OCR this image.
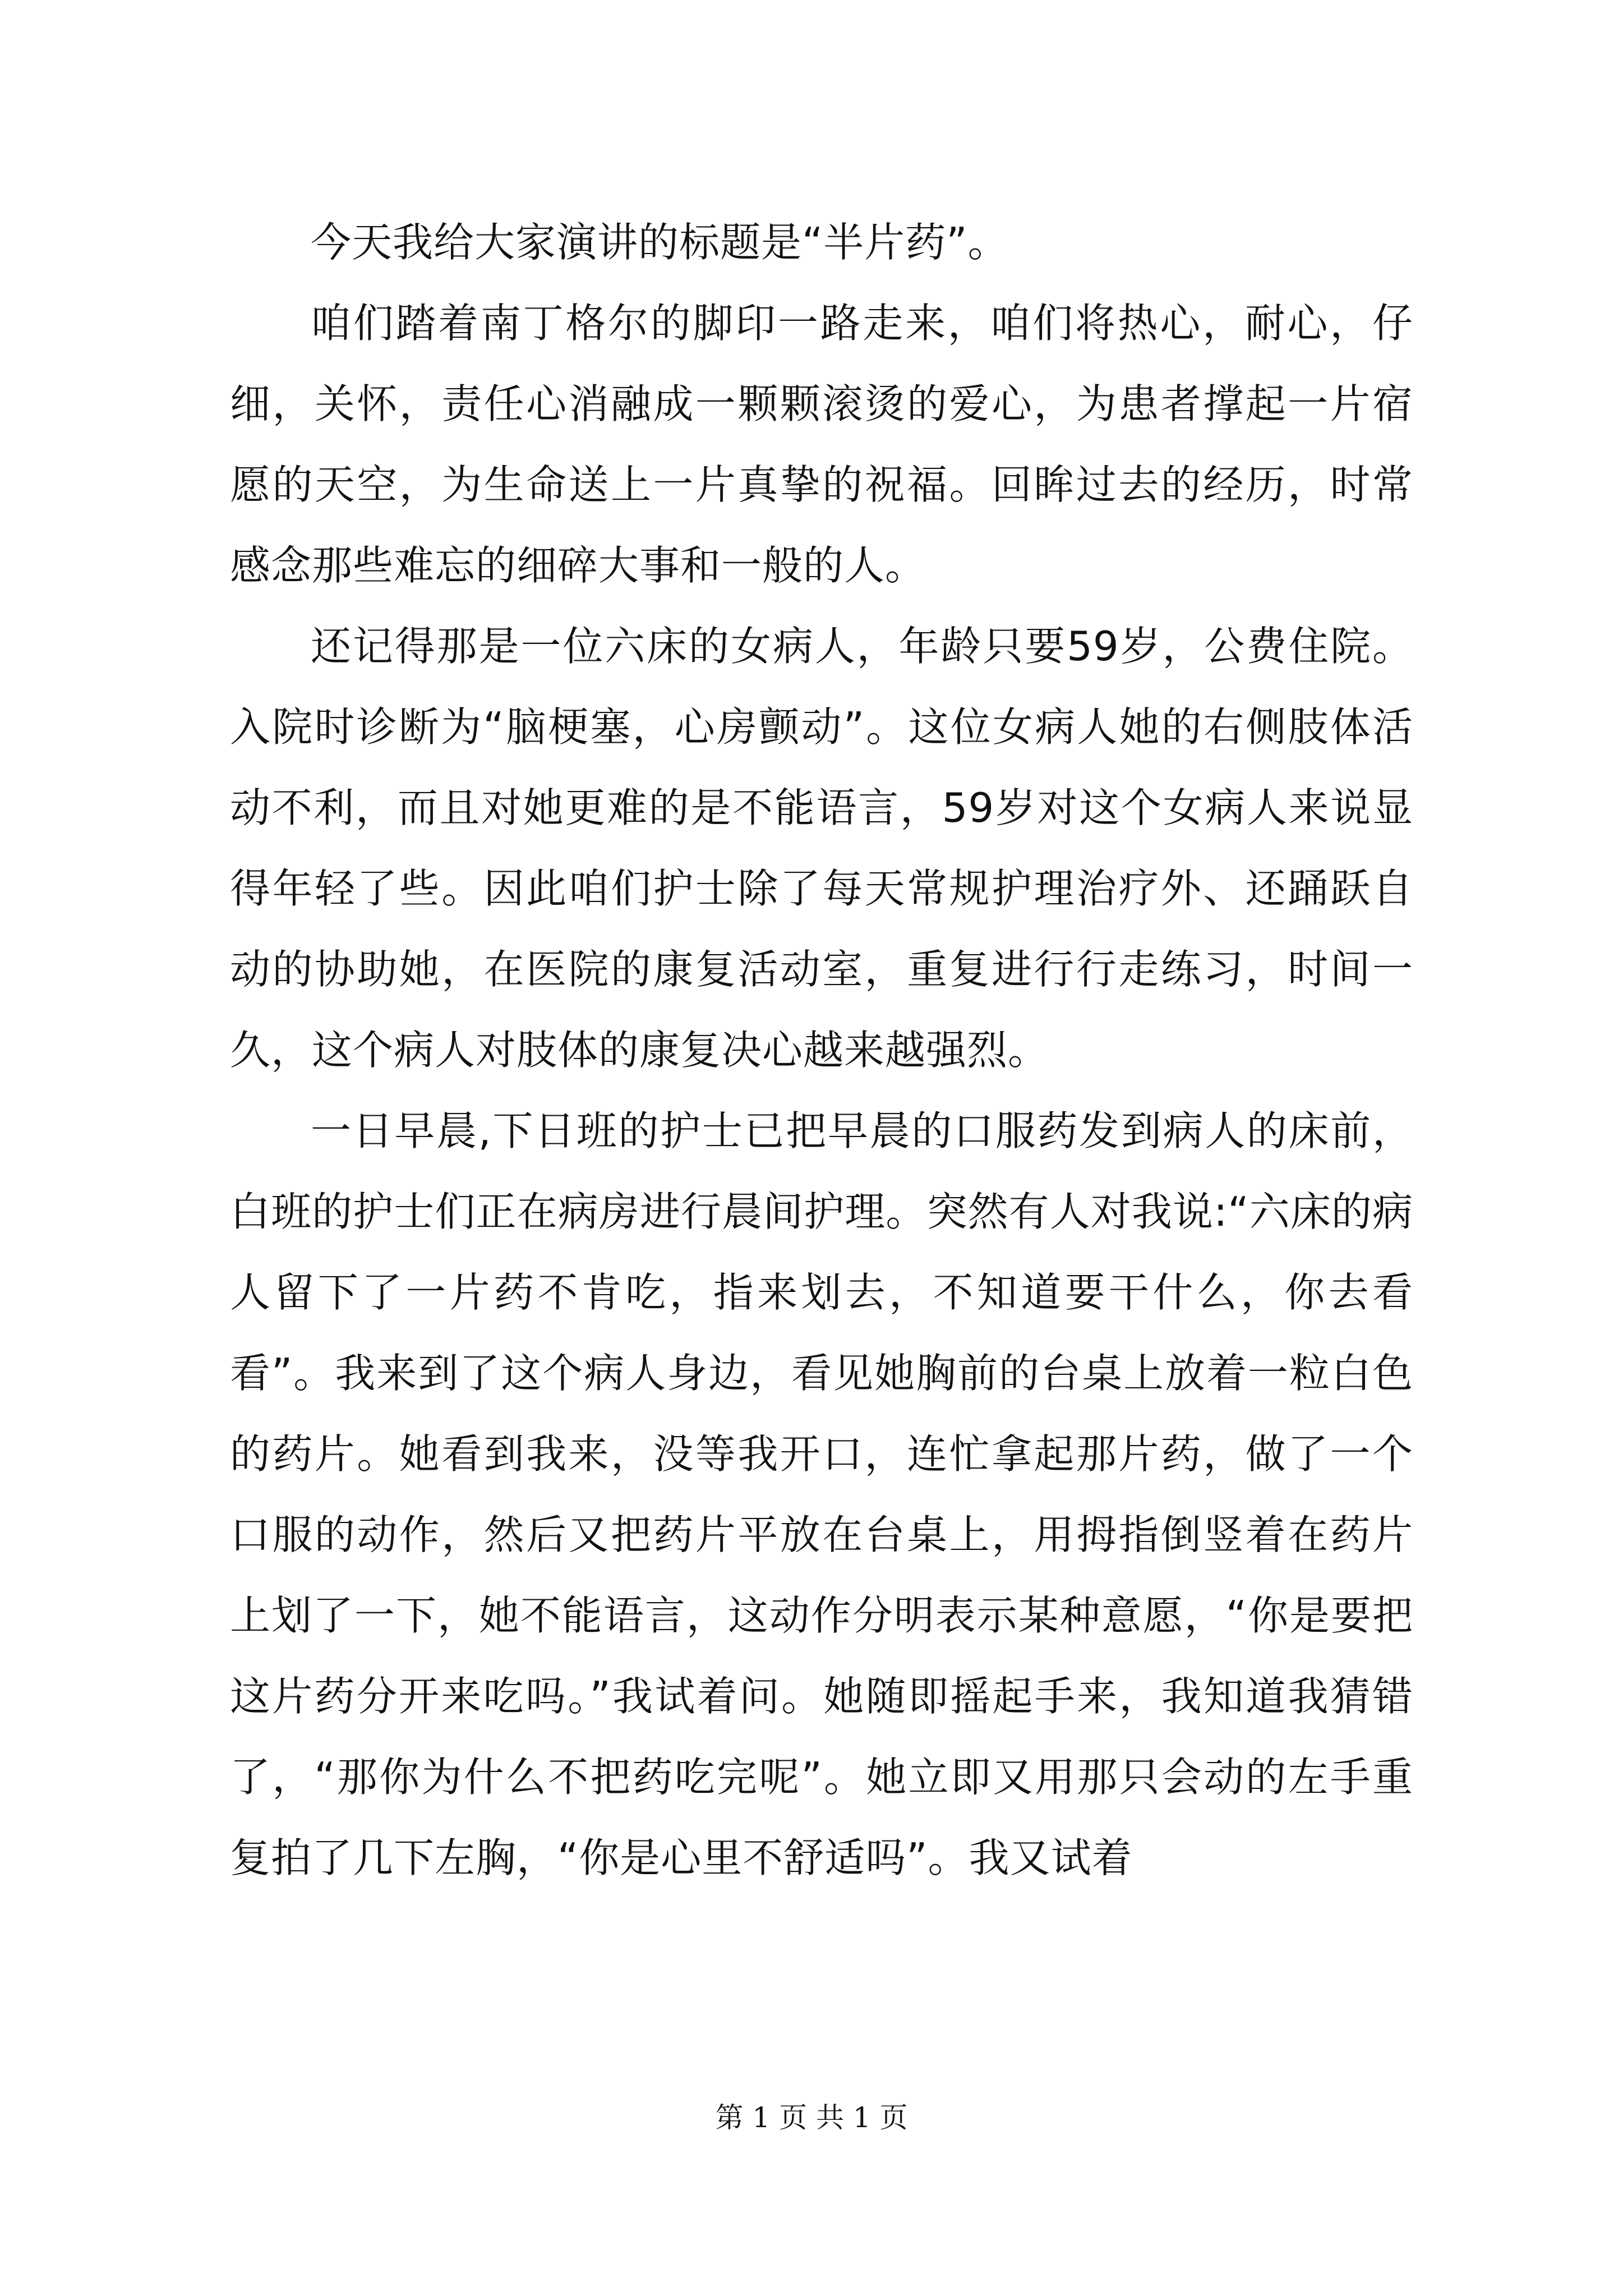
今天我给大家演讲的标题是“半片药”。

咱们踏着南丁格尔的脚印一路走来，咱们将热心，耐心，仔细，关怀，责任心消融成一颗颗滚烫的爱心，为患者撑起一片宿愿的天空，为生命送上一片真挚的祝福。回眸过去的经历，时常感念那些难忘的细碎大事和一般的人。

还记得那是一位六床的女病人，年龄只要59岁，公费住院。入院时诊断为“脑梗塞，心房颤动”。这位女病人她的右侧肢体活动不利，而且对她更难的是不能语言，59岁对这个女病人来说显得年轻了些。因此咱们护士除了每天常规护理治疗外、还踊跃自动的协助她，在医院的康复活动室，重复进行行走练习，时间一久，这个病人对肢体的康复决心越来越强烈。

一日早晨,下日班的护士已把早晨的口服药发到病人的床前，白班的护士们正在病房进行晨间护理。突然有人对我说:“六床的病人留下了一片药不肯吃，指来划去，不知道要干什么，你去看看”。我来到了这个病人身边，看见她胸前的台桌上放着一粒白色的药片。她看到我来，没等我开口，连忙拿起那片药，做了一个口服的动作，然后又把药片平放在台桌上，用拇指倒竖着在药片上划了一下，她不能语言，这动作分明表示某种意愿，“你是要把这片药分开来吃吗。”我试着问。她随即摇起手来，我知道我猜错了，“那你为什么不把药吃完呢”。她立即又用那只会动的左手重复拍了几下左胸，“你是心里不舒适吗”。我又试着

第 1 页 共 1 页
